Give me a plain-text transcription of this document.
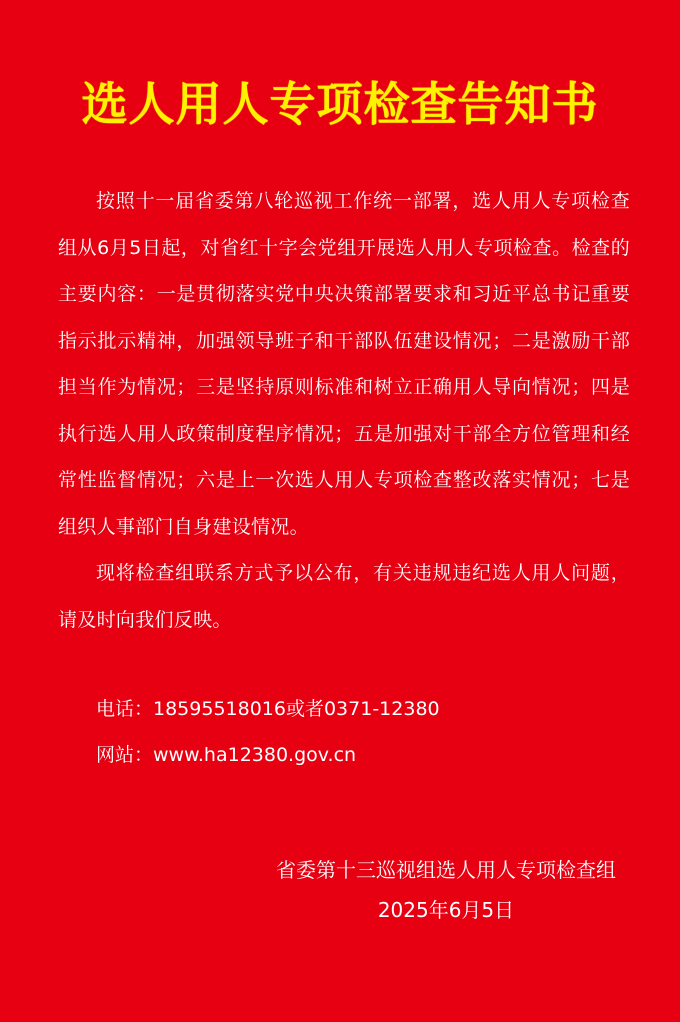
选人用人专项检查告知书

按照十一届省委第八轮巡视工作统一部署，选人用人专项检查组从6月5日起，对省红十字会党组开展选人用人专项检查。检查的主要内容：一是贯彻落实党中央决策部署要求和习近平总书记重要指示批示精神，加强领导班子和干部队伍建设情况；二是激励干部担当作为情况；三是坚持原则标准和树立正确用人导向情况；四是执行选人用人政策制度程序情况；五是加强对干部全方位管理和经常性监督情况；六是上一次选人用人专项检查整改落实情况；七是组织人事部门自身建设情况。

现将检查组联系方式予以公布，有关违规违纪选人用人问题，请及时向我们反映。

电话：18595518016或者0371-12380

网站：www.ha12380.gov.cn

省委第十三巡视组选人用人专项检查组
2025年6月5日
